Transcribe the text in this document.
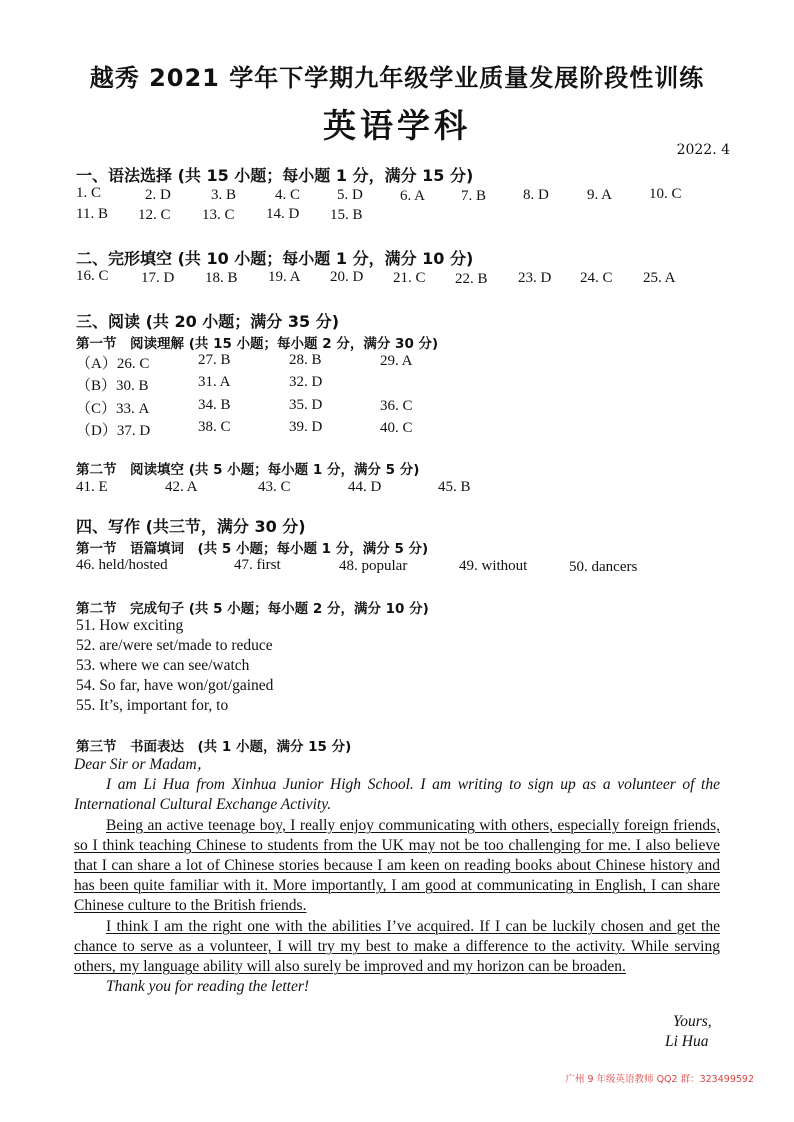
越秀 2021 学年下学期九年级学业质量发展阶段性训练
英语学科
2022. 4
一、语法选择 (共 15 小题；每小题 1 分，满分 15 分)
1. C	2. D	3. B	4. C 5. D 6. A 7. B 8. D	9. A 10. C
11. B 12. C 13. C 14. D 15. B
二、完形填空 (共 10 小题；每小题 1 分，满分 10 分)
16. C 17. D 18. B 19. A 20. D 21. C 22. B 23. D 24. C 25. A
三、阅读 (共 20 小题；满分 35 分)
第一节　阅读理解 (共 15 小题；每小题 2 分，满分 30 分)
（A）26. C	27. B	28. B	29. A
（B）30. B	31. A	32. D
（C）33. A	34. B	35. D	36. C
（D）37. D	38. C	39. D	40. C
第二节　阅读填空 (共 5 小题；每小题 1 分，满分 5 分)
41. E	42. A	43. C	44. D	45. B
四、写作 (共三节，满分 30 分)
第一节　语篇填词　(共 5 小题；每小题 1 分，满分 5 分)
46. held/hosted	47. first	48. popular	49. without	50. dancers
第二节　完成句子 (共 5 小题；每小题 2 分，满分 10 分)
51. How exciting
52. are/were set/made to reduce
53. where we can see/watch
54. So far, have won/got/gained
55. It’s, important for, to
第三节　书面表达　(共 1 小题，满分 15 分)

Dear Sir or Madam，

I am Li Hua from Xinhua Junior High School. I am writing to sign up as a volunteer of the International Cultural Exchange Activity.

Being an active teenage boy, I really enjoy communicating with others, especially foreign friends, so I think teaching Chinese to students from the UK may not be too challenging for me. I also believe that I can share a lot of Chinese stories because I am keen on reading books about Chinese history and has been quite familiar with it. More importantly, I am good at communicating in English, I can share Chinese culture to the British friends.

I think I am the right one with the abilities I’ve acquired. If I can be luckily chosen and get the chance to serve as a volunteer, I will try my best to make a difference to the activity. While serving others, my language ability will also surely be improved and my horizon can be broaden.

Thank you for reading the letter!

Yours,
Li Hua
广州 9 年级英语教师 QQ2 群：323499592
